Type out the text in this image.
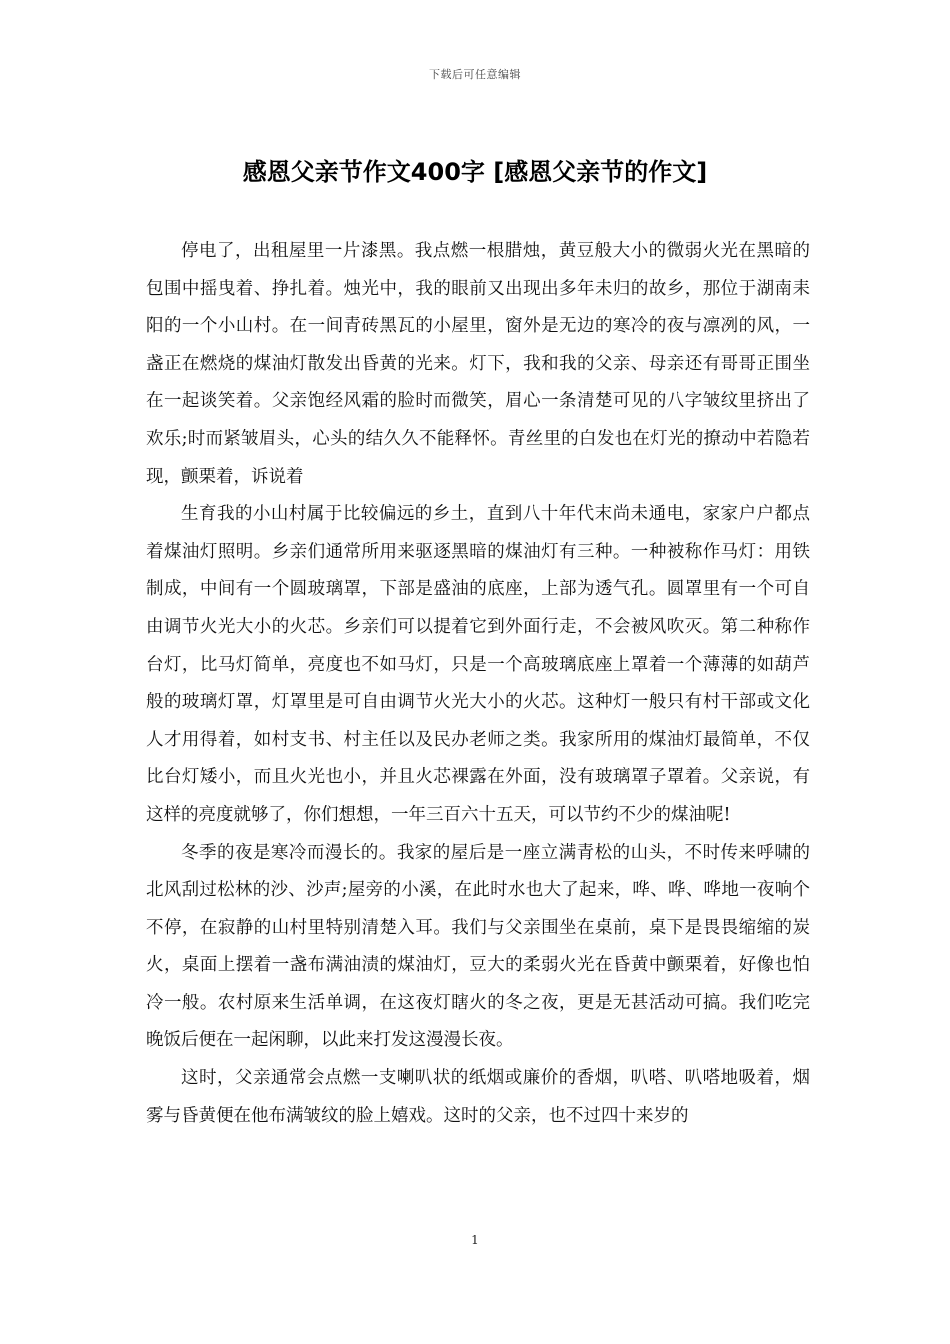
下载后可任意编辑
感恩父亲节作文400字 [感恩父亲节的作文]

停电了，出租屋里一片漆黑。我点燃一根腊烛，黄豆般大小的微弱火光在黑暗的包围中摇曳着、挣扎着。烛光中，我的眼前又出现出多年未归的故乡，那位于湖南耒阳的一个小山村。在一间青砖黑瓦的小屋里，窗外是无边的寒冷的夜与凛冽的风，一盏正在燃烧的煤油灯散发出昏黄的光来。灯下，我和我的父亲、母亲还有哥哥正围坐在一起谈笑着。父亲饱经风霜的脸时而微笑，眉心一条清楚可见的八字皱纹里挤出了欢乐;时而紧皱眉头，心头的结久久不能释怀。青丝里的白发也在灯光的撩动中若隐若现，颤栗着，诉说着

生育我的小山村属于比较偏远的乡土，直到八十年代末尚未通电，家家户户都点着煤油灯照明。乡亲们通常所用来驱逐黑暗的煤油灯有三种。一种被称作马灯：用铁制成，中间有一个圆玻璃罩，下部是盛油的底座，上部为透气孔。圆罩里有一个可自由调节火光大小的火芯。乡亲们可以提着它到外面行走，不会被风吹灭。第二种称作台灯，比马灯简单，亮度也不如马灯，只是一个高玻璃底座上罩着一个薄薄的如葫芦般的玻璃灯罩，灯罩里是可自由调节火光大小的火芯。这种灯一般只有村干部或文化人才用得着，如村支书、村主任以及民办老师之类。我家所用的煤油灯最简单，不仅比台灯矮小，而且火光也小，并且火芯裸露在外面，没有玻璃罩子罩着。父亲说，有这样的亮度就够了，你们想想，一年三百六十五天，可以节约不少的煤油呢!

冬季的夜是寒冷而漫长的。我家的屋后是一座立满青松的山头，不时传来呼啸的北风刮过松林的沙、沙声;屋旁的小溪，在此时水也大了起来，哗、哗、哗地一夜响个不停，在寂静的山村里特别清楚入耳。我们与父亲围坐在桌前，桌下是畏畏缩缩的炭火，桌面上摆着一盏布满油渍的煤油灯，豆大的柔弱火光在昏黄中颤栗着，好像也怕冷一般。农村原来生活单调，在这夜灯瞎火的冬之夜，更是无甚活动可搞。我们吃完晚饭后便在一起闲聊，以此来打发这漫漫长夜。

这时，父亲通常会点燃一支喇叭状的纸烟或廉价的香烟，叭嗒、叭嗒地吸着，烟雾与昏黄便在他布满皱纹的脸上嬉戏。这时的父亲，也不过四十来岁的

1
